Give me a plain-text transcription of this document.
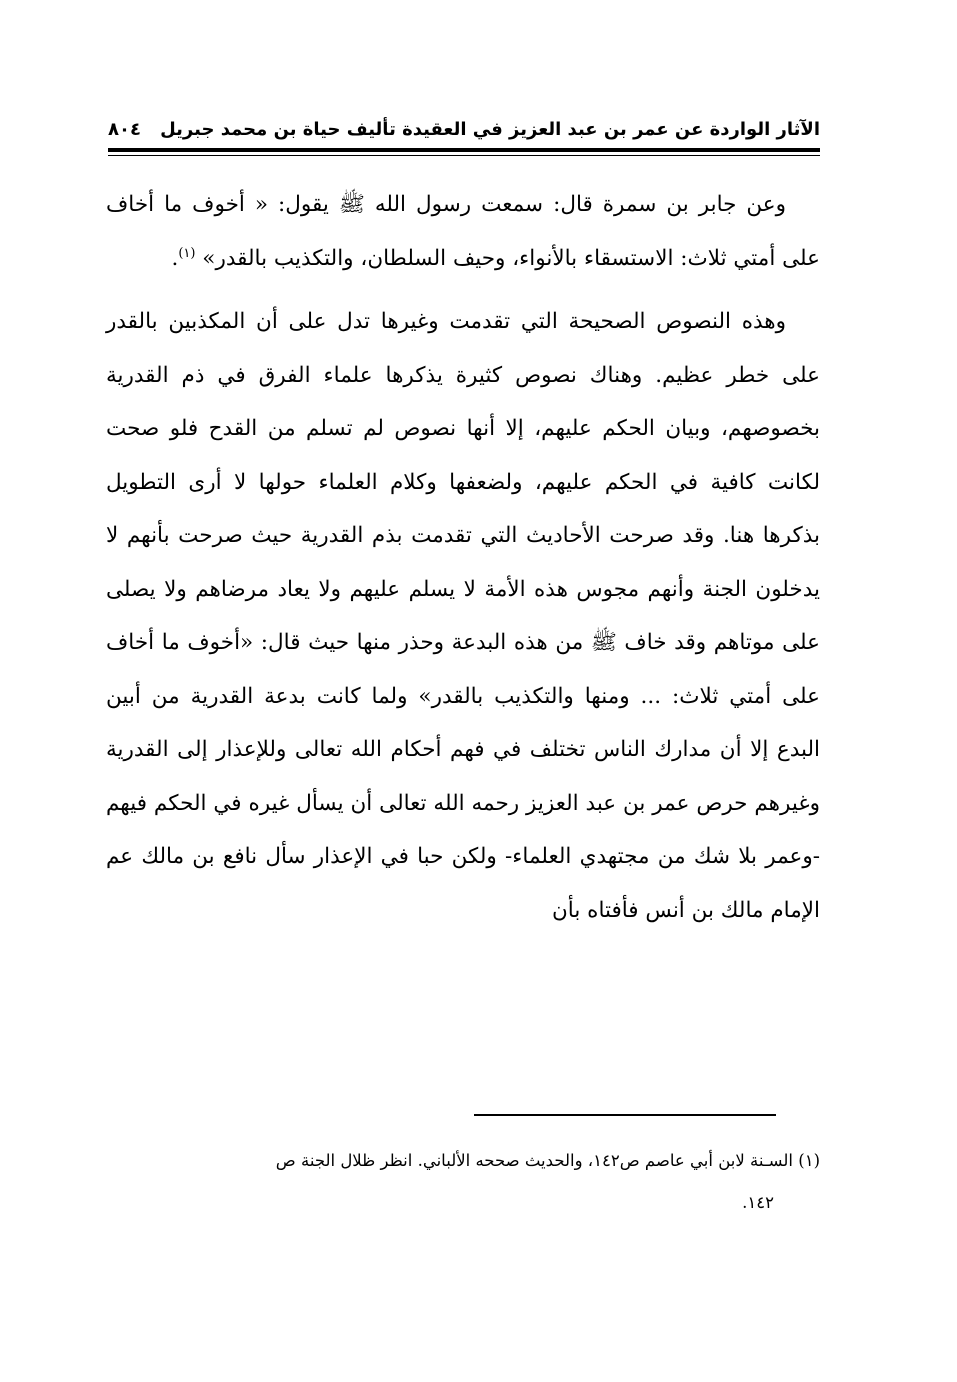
الآثار الواردة عن عمر بن عبد العزيز في العقيدة تأليف حياة بن محمد جبريل
٨٠٤

وعن جابر بن سمرة قال: سمعت رسول الله ﷺ يقول: « أخوف ما أخاف على أمتي ثلاث: الاستسقاء بالأنواء، وحيف السلطان، والتكذيب بالقدر» $^{(١)}$.

وهذه النصوص الصحيحة التي تقدمت وغيرها تدل على أن المكذبين بالقدر على خطر عظيم. وهناك نصوص كثيرة يذكرها علماء الفرق في ذم القدرية بخصوصهم، وبيان الحكم عليهم، إلا أنها نصوص لم تسلم من القدح فلو صحت لكانت كافية في الحكم عليهم، ولضعفها وكلام العلماء حولها لا أرى التطويل بذكرها هنا. وقد صرحت الأحاديث التي تقدمت بذم القدرية حيث صرحت بأنهم لا يدخلون الجنة وأنهم مجوس هذه الأمة لا يسلم عليهم ولا يعاد مرضاهم ولا يصلى على موتاهم وقد خاف ﷺ من هذه البدعة وحذر منها حيث قال: «أخوف ما أخاف على أمتي ثلاث: ... ومنها والتكذيب بالقدر» ولما كانت بدعة القدرية من أبين البدع إلا أن مدارك الناس تختلف في فهم أحكام الله تعالى وللإعذار إلى القدرية وغيرهم حرص عمر بن عبد العزيز رحمه الله تعالى أن يسأل غيره في الحكم فيهم -وعمر بلا شك من مجتهدي العلماء- ولكن حبا في الإعذار سأل نافع بن مالك عم الإمام مالك بن أنس فأفتاه بأن

(١) السـنة لابن أبي عاصم ص١٤٢، والحديث صححه الألباني. انظر ظلال الجنة ص
١٤٢.
